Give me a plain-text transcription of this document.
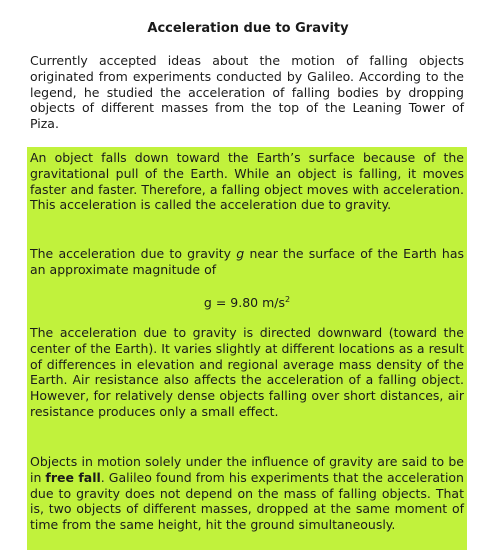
Acceleration due to Gravity

Currently accepted ideas about the motion of falling objects originated from experiments conducted by Galileo. According to the legend, he studied the acceleration of falling bodies by dropping objects of different masses from the top of the Leaning Tower of Piza.

An object falls down toward the Earth’s surface because of the gravitational pull of the Earth. While an object is falling, it moves faster and faster. Therefore, a falling object moves with acceleration. This acceleration is called the acceleration due to gravity.

The acceleration due to gravity g near the surface of the Earth has an approximate magnitude of

g = 9.80 $m/s^2$

The acceleration due to gravity is directed downward (toward the center of the Earth). It varies slightly at different locations as a result of differences in elevation and regional average mass density of the Earth. Air resistance also affects the acceleration of a falling object. However, for relatively dense objects falling over short distances, air resistance produces only a small effect.

Objects in motion solely under the influence of gravity are said to be in free fall. Galileo found from his experiments that the acceleration due to gravity does not depend on the mass of falling objects. That is, two objects of different masses, dropped at the same moment of time from the same height, hit the ground simultaneously.
